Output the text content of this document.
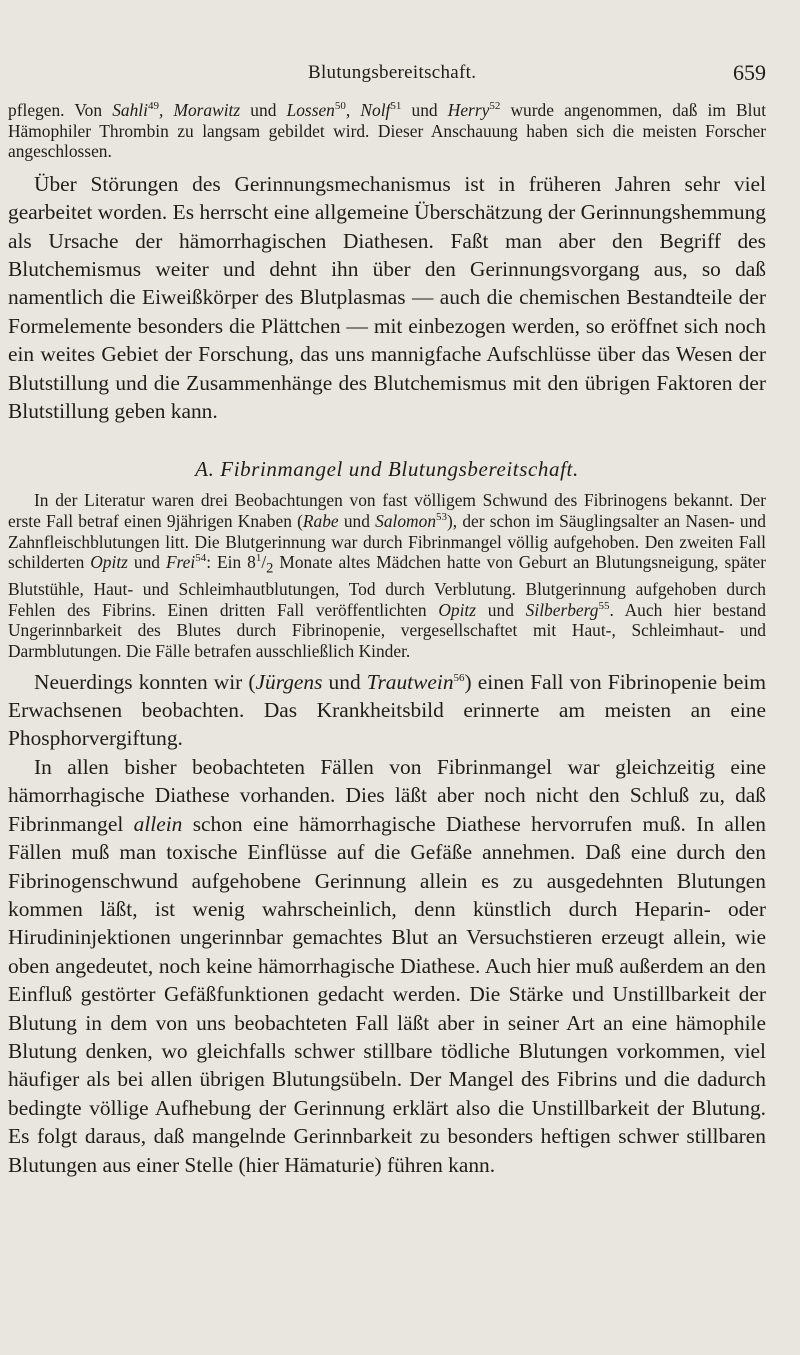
Blutungsbereitschaft.	659

pflegen. Von Sahli$^{49}$, Morawitz und Lossen$^{50}$, Nolf$^{51}$ und Herry$^{52}$ wurde angenommen, daß im Blut Hämophiler Thrombin zu langsam gebildet wird. Dieser Anschauung haben sich die meisten Forscher angeschlossen.

Über Störungen des Gerinnungsmechanismus ist in früheren Jahren sehr viel gearbeitet worden. Es herrscht eine allgemeine Überschätzung der Gerinnungshemmung als Ursache der hämorrhagischen Diathesen. Faßt man aber den Begriff des Blutchemismus weiter und dehnt ihn über den Gerinnungsvorgang aus, so daß namentlich die Eiweißkörper des Blutplasmas — auch die chemischen Bestandteile der Formelemente besonders die Plättchen — mit einbezogen werden, so eröffnet sich noch ein weites Gebiet der Forschung, das uns mannigfache Aufschlüsse über das Wesen der Blutstillung und die Zusammenhänge des Blutchemismus mit den übrigen Faktoren der Blutstillung geben kann.

A. Fibrinmangel und Blutungsbereitschaft.

In der Literatur waren drei Beobachtungen von fast völligem Schwund des Fibrinogens bekannt. Der erste Fall betraf einen 9jährigen Knaben (Rabe und Salomon$^{53}$), der schon im Säuglingsalter an Nasen- und Zahnfleischblutungen litt. Die Blutgerinnung war durch Fibrinmangel völlig aufgehoben. Den zweiten Fall schilderten Opitz und Frei$^{54}$: Ein $8^1/_2$ Monate altes Mädchen hatte von Geburt an Blutungsneigung, später Blutstühle, Haut- und Schleimhautblutungen, Tod durch Verblutung. Blutgerinnung aufgehoben durch Fehlen des Fibrins. Einen dritten Fall veröffentlichten Opitz und Silberberg$^{55}$. Auch hier bestand Ungerinnbarkeit des Blutes durch Fibrinopenie, vergesellschaftet mit Haut-, Schleimhaut- und Darmblutungen. Die Fälle betrafen ausschließlich Kinder.

Neuerdings konnten wir (Jürgens und Trautwein$^{56}$) einen Fall von Fibrinopenie beim Erwachsenen beobachten. Das Krankheitsbild erinnerte am meisten an eine Phosphorvergiftung.

In allen bisher beobachteten Fällen von Fibrinmangel war gleichzeitig eine hämorrhagische Diathese vorhanden. Dies läßt aber noch nicht den Schluß zu, daß Fibrinmangel allein schon eine hämorrhagische Diathese hervorrufen muß. In allen Fällen muß man toxische Einflüsse auf die Gefäße annehmen. Daß eine durch den Fibrinogenschwund aufgehobene Gerinnung allein es zu ausgedehnten Blutungen kommen läßt, ist wenig wahrscheinlich, denn künstlich durch Heparin- oder Hirudininjektionen ungerinnbar gemachtes Blut an Versuchstieren erzeugt allein, wie oben angedeutet, noch keine hämorrhagische Diathese. Auch hier muß außerdem an den Einfluß gestörter Gefäßfunktionen gedacht werden. Die Stärke und Unstillbarkeit der Blutung in dem von uns beobachteten Fall läßt aber in seiner Art an eine hämophile Blutung denken, wo gleichfalls schwer stillbare tödliche Blutungen vorkommen, viel häufiger als bei allen übrigen Blutungsübeln. Der Mangel des Fibrins und die dadurch bedingte völlige Aufhebung der Gerinnung erklärt also die Unstillbarkeit der Blutung. Es folgt daraus, daß mangelnde Gerinnbarkeit zu besonders heftigen schwer stillbaren Blutungen aus einer Stelle (hier Hämaturie) führen kann.
